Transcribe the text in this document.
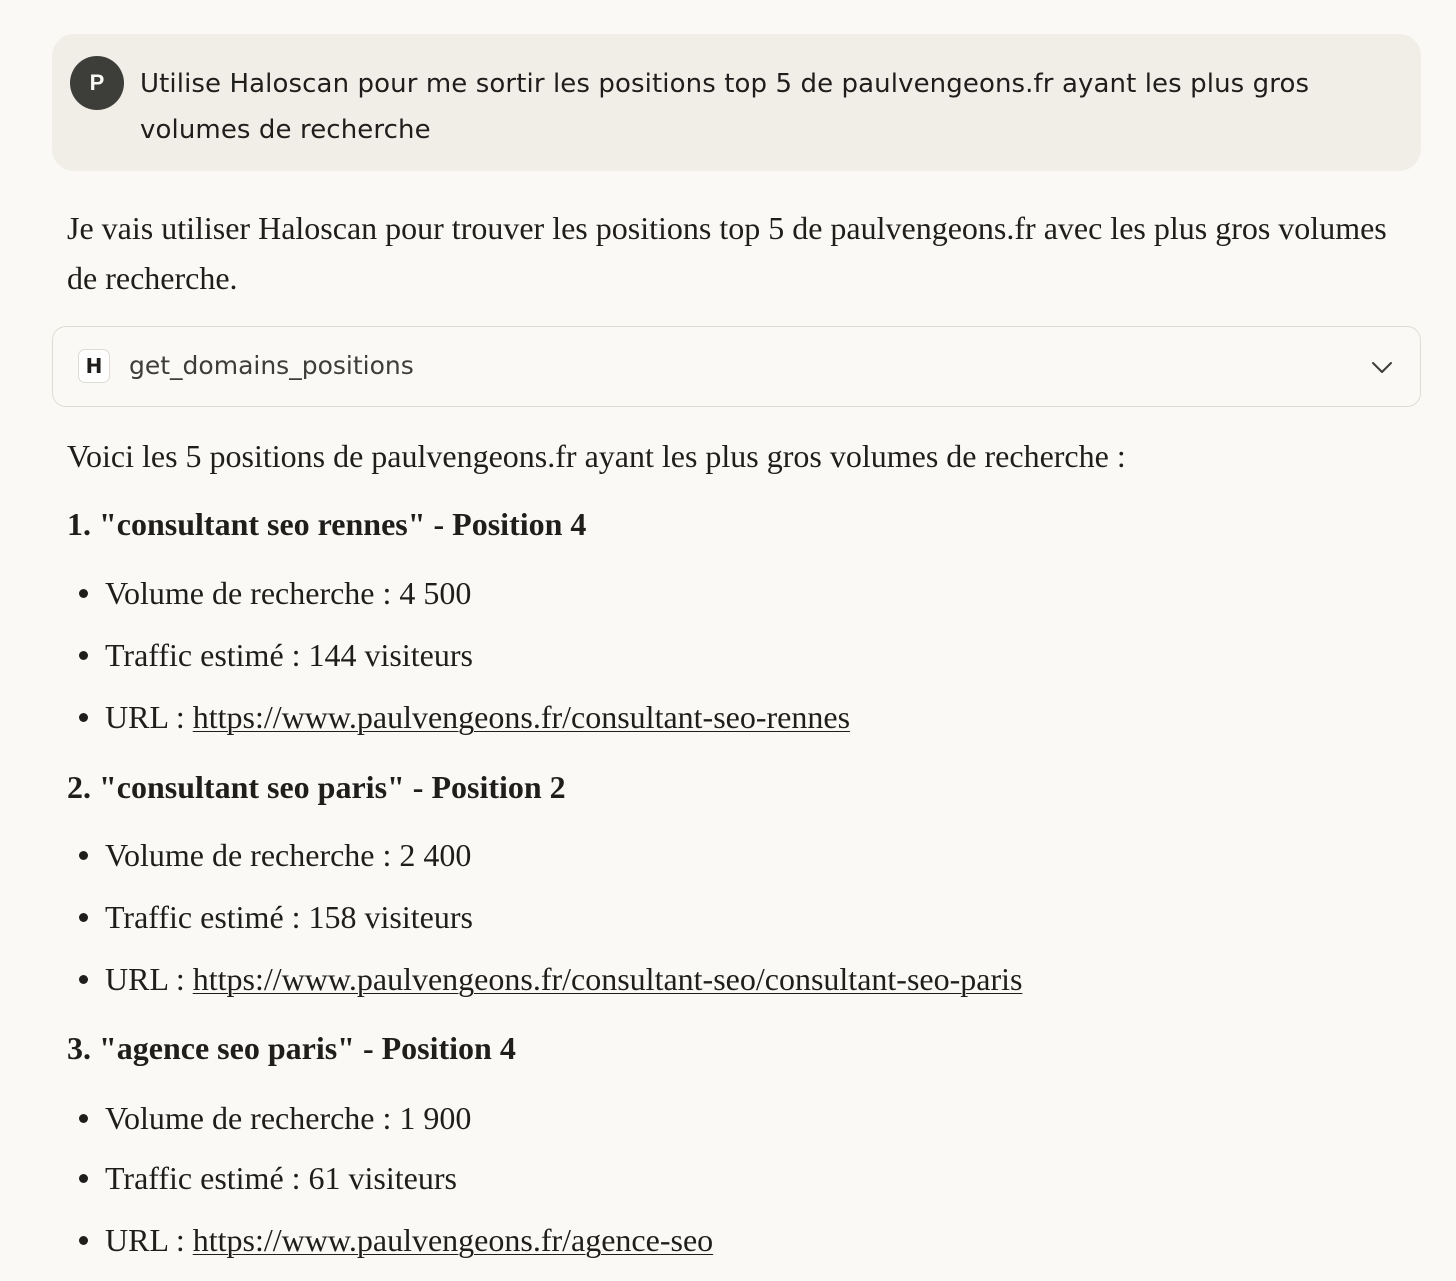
P	Utilise Haloscan pour me sortir les positions top 5 de paulvengeons.fr ayant les plus gros volumes de recherche
Je vais utiliser Haloscan pour trouver les positions top 5 de paulvengeons.fr avec les plus gros volumes de recherche.
H	get_domains_positions
Voici les 5 positions de paulvengeons.fr ayant les plus gros volumes de recherche :
1. "consultant seo rennes" - Position 4
Volume de recherche : 4 500
Traffic estimé : 144 visiteurs
URL : https://www.paulvengeons.fr/consultant-seo-rennes
2. "consultant seo paris" - Position 2
Volume de recherche : 2 400
Traffic estimé : 158 visiteurs
URL : https://www.paulvengeons.fr/consultant-seo/consultant-seo-paris
3. "agence seo paris" - Position 4
Volume de recherche : 1 900
Traffic estimé : 61 visiteurs
URL : https://www.paulvengeons.fr/agence-seo
